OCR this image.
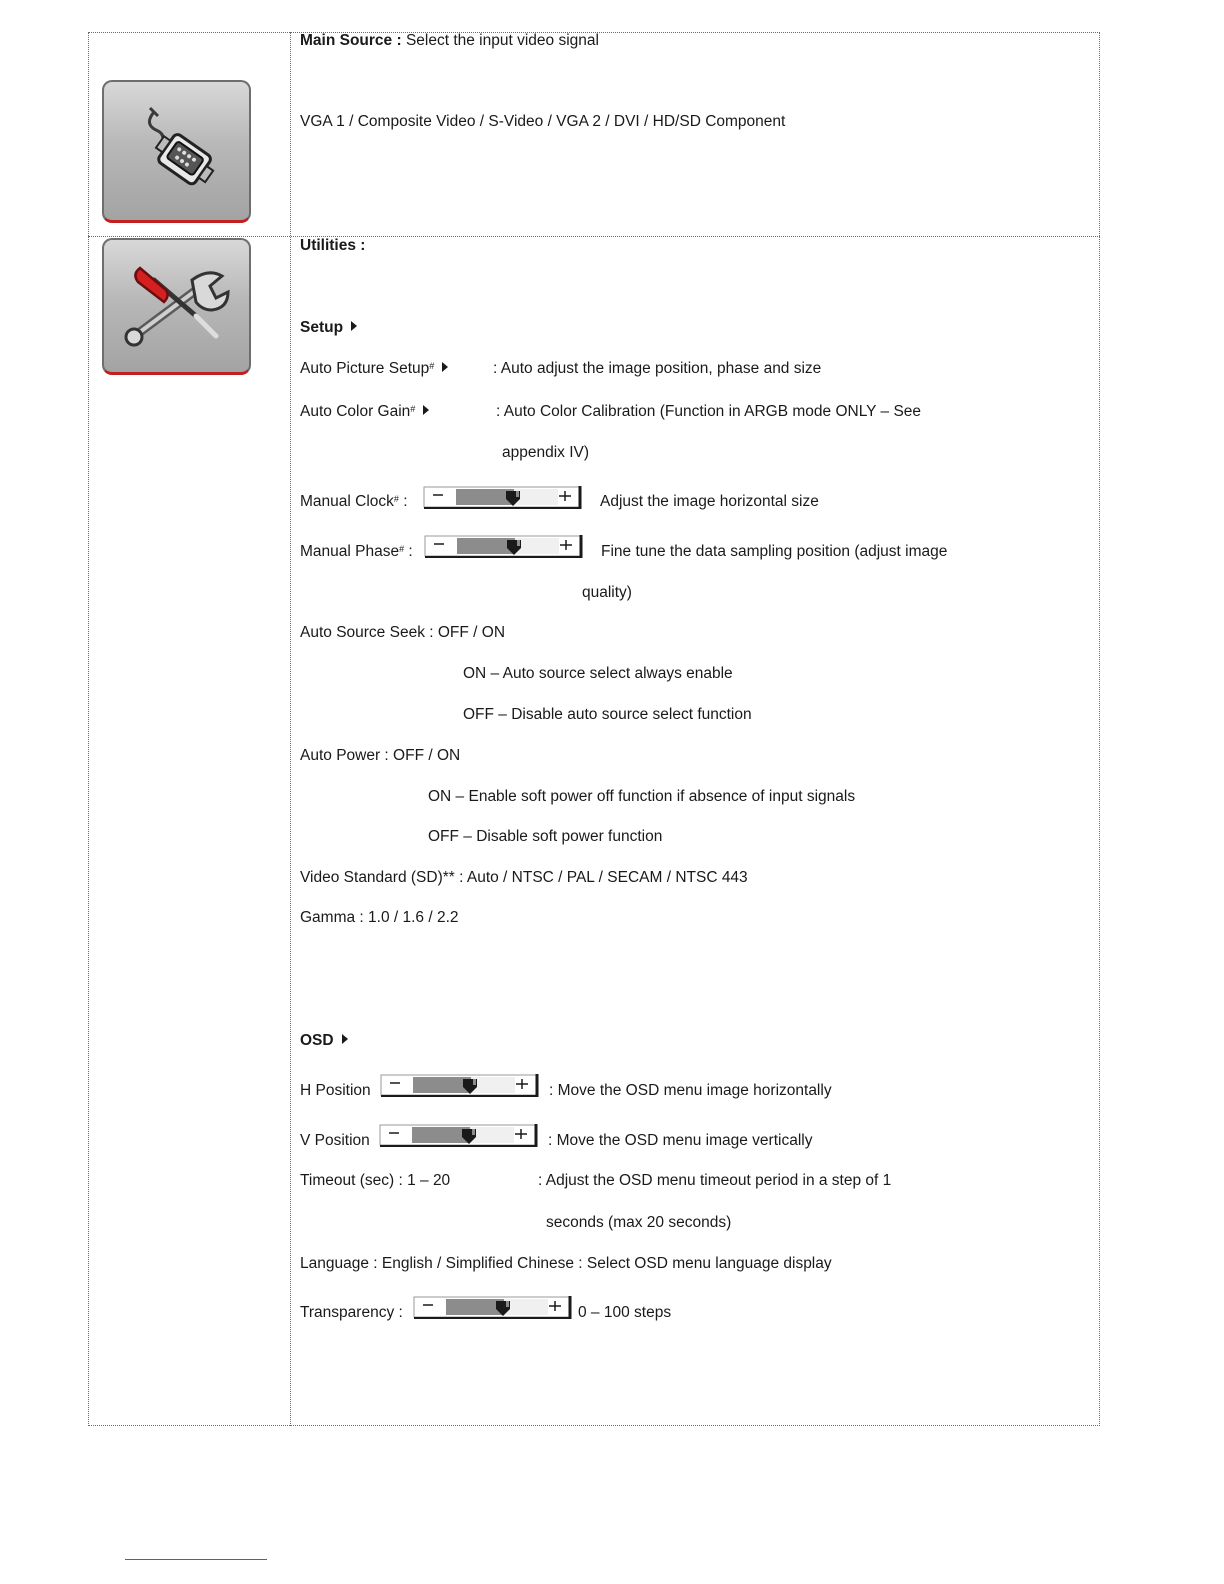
Main Source : Select the input video signal
VGA 1 / Composite Video / S-Video / VGA 2 / DVI / HD/SD Component
Utilities :
Setup
Auto Picture Setup#	: Auto adjust the image position, phase and size
Auto Color Gain#	: Auto Color Calibration (Function in ARGB mode ONLY – See
appendix IV)
Manual Clock# :	Adjust the image horizontal size
Manual Phase# :	Fine tune the data sampling position (adjust image
quality)
Auto Source Seek : OFF / ON
ON – Auto source select always enable
OFF – Disable auto source select function
Auto Power : OFF / ON
ON – Enable soft power off function if absence of input signals
OFF – Disable soft power function
Video Standard (SD)** : Auto / NTSC / PAL / SECAM / NTSC 443
Gamma : 1.0 / 1.6 / 2.2
OSD
H Position	: Move the OSD menu image horizontally
V Position	: Move the OSD menu image vertically
Timeout (sec) : 1 – 20	: Adjust the OSD menu timeout period in a step of 1
seconds (max 20 seconds)
Language : English / Simplified Chinese : Select OSD menu language display
Transparency :	0 – 100 steps
